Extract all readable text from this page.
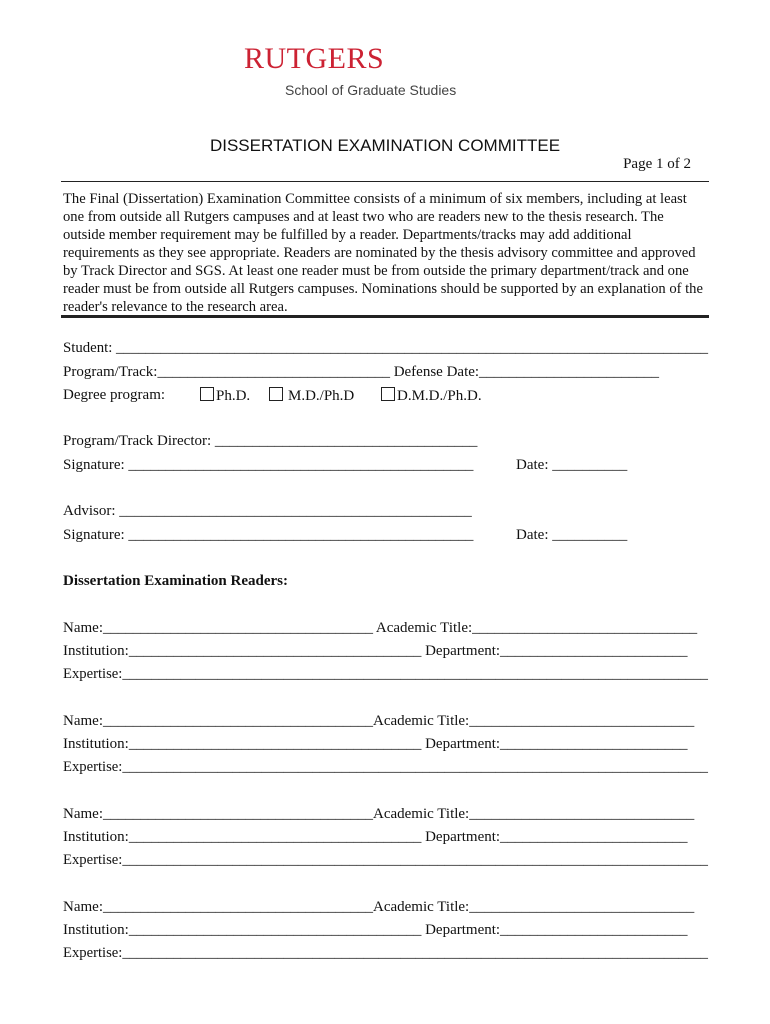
RUTGERS
School of Graduate Studies
DISSERTATION EXAMINATION COMMITTEE
Page 1 of 2
The Final (Dissertation) Examination Committee consists of a minimum of six members, including at least one from outside all Rutgers campuses and at least two who are readers new to the thesis research. The outside member requirement may be fulfilled by a reader. Departments/tracks may add additional requirements as they see appropriate. Readers are nominated by the thesis advisory committee and approved by Track Director and SGS. At least one reader must be from outside the primary department/track and one reader must be from outside all Rutgers campuses. Nominations should be supported by an explanation of the reader's relevance to the research area.
Student: ________________________________________________________________________________
Program/Track:_______________________________ Defense Date:________________________
Degree program:	Ph.D.	M.D./Ph.D	D.M.D./Ph.D.
Program/Track Director: ___________________________________
Signature: ______________________________________________	Date: __________
Advisor: _______________________________________________
Signature: ______________________________________________	Date: __________
Dissertation Examination Readers:
Name:____________________________________ Academic Title:______________________________
Institution:_______________________________________ Department:_________________________
Expertise:________________________________________________________________________________
Name:____________________________________Academic Title:______________________________
Institution:_______________________________________ Department:_________________________
Expertise:________________________________________________________________________________
Name:____________________________________Academic Title:______________________________
Institution:_______________________________________ Department:_________________________
Expertise:________________________________________________________________________________
Name:____________________________________Academic Title:______________________________
Institution:_______________________________________ Department:_________________________
Expertise:________________________________________________________________________________
